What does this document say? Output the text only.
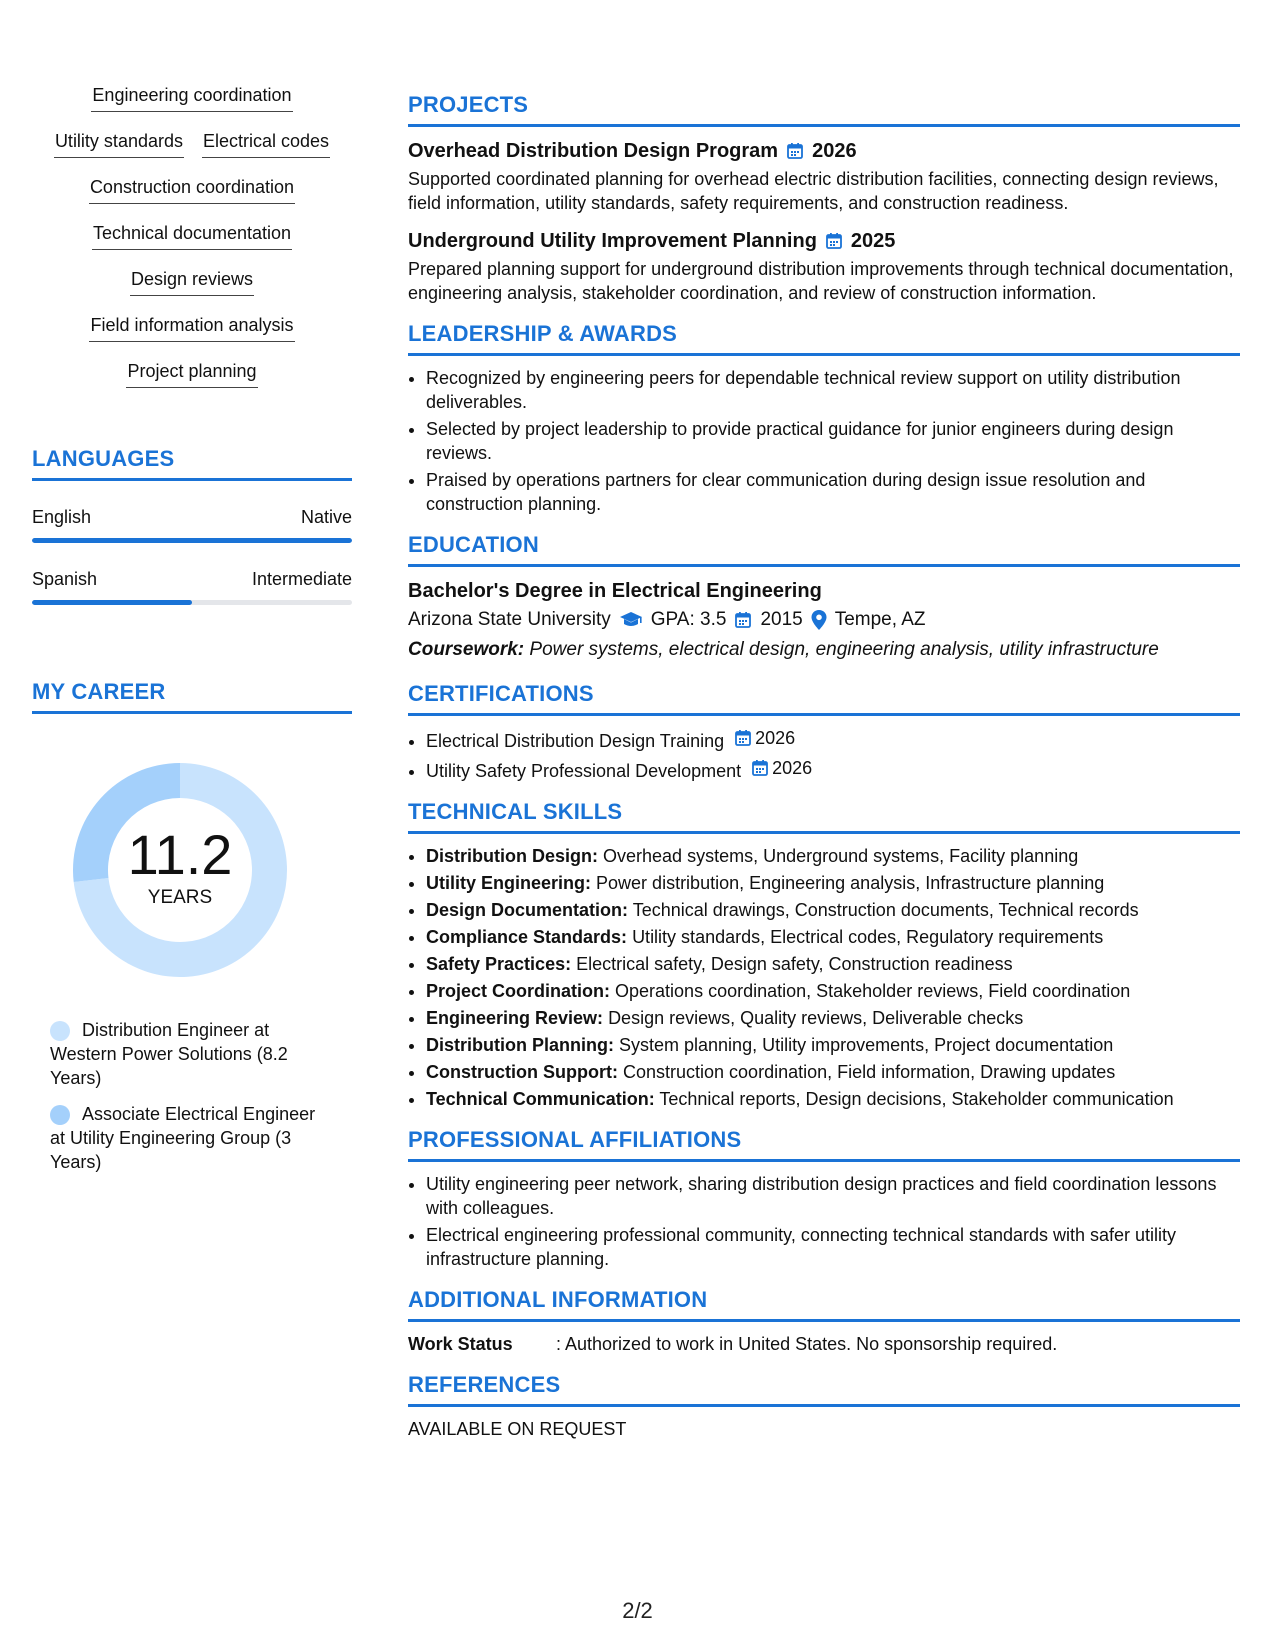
Engineering coordination
Utility standards Electrical codes
Construction coordination
Technical documentation
Design reviews
Field information analysis
Project planning
LANGUAGES
English	Native
Spanish	Intermediate
MY CAREER
11.2
YEARS
Distribution Engineer at Western Power Solutions (8.2 Years)
Associate Electrical Engineer at Utility Engineering Group (3 Years)
PROJECTS
Overhead Distribution Design Program 2026
Supported coordinated planning for overhead electric distribution facilities, connecting design reviews, field information, utility standards, safety requirements, and construction readiness.
Underground Utility Improvement Planning 2025
Prepared planning support for underground distribution improvements through technical documentation, engineering analysis, stakeholder coordination, and review of construction information.
LEADERSHIP & AWARDS
• Recognized by engineering peers for dependable technical review support on utility distribution deliverables.
• Selected by project leadership to provide practical guidance for junior engineers during design reviews.
• Praised by operations partners for clear communication during design issue resolution and construction planning.
EDUCATION
Bachelor's Degree in Electrical Engineering
Arizona State University GPA: 3.5 2015 Tempe, AZ
Coursework: Power systems, electrical design, engineering analysis, utility infrastructure
CERTIFICATIONS
• Electrical Distribution Design Training 2026
• Utility Safety Professional Development 2026
TECHNICAL SKILLS
• Distribution Design: Overhead systems, Underground systems, Facility planning
• Utility Engineering: Power distribution, Engineering analysis, Infrastructure planning
• Design Documentation: Technical drawings, Construction documents, Technical records
• Compliance Standards: Utility standards, Electrical codes, Regulatory requirements
• Safety Practices: Electrical safety, Design safety, Construction readiness
• Project Coordination: Operations coordination, Stakeholder reviews, Field coordination
• Engineering Review: Design reviews, Quality reviews, Deliverable checks
• Distribution Planning: System planning, Utility improvements, Project documentation
• Construction Support: Construction coordination, Field information, Drawing updates
• Technical Communication: Technical reports, Design decisions, Stakeholder communication
PROFESSIONAL AFFILIATIONS
• Utility engineering peer network, sharing distribution design practices and field coordination lessons with colleagues.
• Electrical engineering professional community, connecting technical standards with safer utility infrastructure planning.
ADDITIONAL INFORMATION
Work Status	: Authorized to work in United States. No sponsorship required.
REFERENCES
AVAILABLE ON REQUEST
2/2
